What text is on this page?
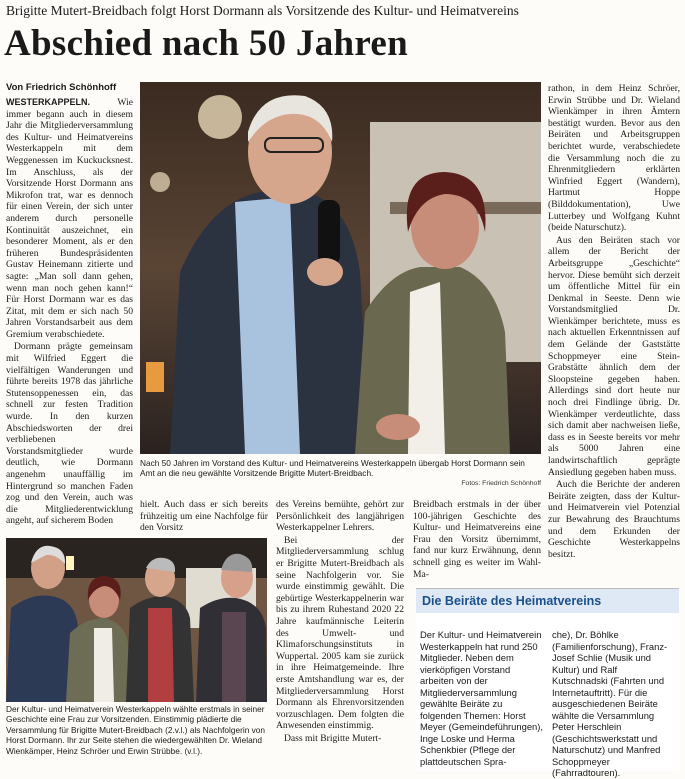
Brigitte Mutert-Breidbach folgt Horst Dormann als Vorsitzende des Kultur- und Heimatvereins
Abschied nach 50 Jahren
Von Friedrich Schönhoff

WESTERKAPPELN. Wie immer begann auch in diesem Jahr die Mitgliederversammlung des Kultur- und Heimatvereins Westerkappeln mit dem Weggenessen im Kuckucksnest. Im Anschluss, als der Vorsitzende Horst Dormann ans Mikrofon trat, war es dennoch für einen Verein, der sich unter anderem durch personelle Kontinuität auszeichnet, ein besonderer Moment, als er den früheren Bundespräsidenten Gustav Heinemann zitierte und sagte: „Man soll dann gehen, wenn man noch gehen kann!“ Für Horst Dormann war es das Zitat, mit dem er sich nach 50 Jahren Vorstandsarbeit aus dem Gremium verabschiedete.

Dormann prägte gemeinsam mit Wilfried Eggert die vielfältigen Wanderungen und führte bereits 1978 das jährliche Stutensoppenessen ein, das schnell zur festen Tradition wurde. In den kurzen Abschiedsworten der drei verbliebenen Vorstandsmitglieder wurde deutlich, wie Dormann angenehm unauffällig im Hintergrund so manchen Faden zog und den Verein, auch was die Mitgliederentwicklung angeht, auf sicherem Boden

Nach 50 Jahren im Vorstand des Kultur- und Heimatvereins Westerkappeln übergab Horst Dormann sein Amt an die neu gewählte Vorsitzende Brigitte Mutert-Breidbach.
Fotos: Friedrich Schönhoff

hielt. Auch dass er sich bereits frühzeitig um eine Nachfolge für den Vorsitz

Der Kultur- und Heimatverein Westerkappeln wählte erstmals in seiner Geschichte eine Frau zur Vorsitzenden. Einstimmig plädierte die Versammlung für Brigitte Mutert-Breidbach (2.v.l.) als Nachfolgerin von Horst Dormann. Ihr zur Seite stehen die wiedergewählten Dr. Wieland Wienkämper, Heinz Schröer und Erwin Strübbe. (v.l.).

des Vereins bemühte, gehört zur Persönlichkeit des langjährigen Westerkappelner Lehrers.

Bei der Mitgliederversammlung schlug er Brigitte Mutert-Breidbach als seine Nachfolgerin vor. Sie wurde einstimmig gewählt. Die gebürtige Westerkappelnerin war bis zu ihrem Ruhestand 2020 22 Jahre kaufmännische Leiterin des Umwelt- und Klimaforschungsinstituts in Wuppertal. 2005 kam sie zurück in ihre Heimatgemeinde. Ihre erste Amtshandlung war es, der Mitgliederversammlung Horst Dormann als Ehrenvorsitzenden vorzuschlagen. Dem folgten die Anwesenden einstimmig.

Dass mit Brigitte Mutert-

Breidbach erstmals in der über 100-jährigen Geschichte des Kultur- und Heimatvereins eine Frau den Vorsitz übernimmt, fand nur kurz Erwähnung, denn schnell ging es weiter im Wahl-Ma-

rathon, in dem Heinz Schröer, Erwin Strübbe und Dr. Wieland Wienkämper in ihren Ämtern bestätigt wurden. Bevor aus den Beiräten und Arbeitsgruppen berichtet wurde, verabschiedete die Versammlung noch die zu Ehrenmitgliedern erklärten Winfried Eggert (Wandern), Hartmut Hoppe (Bilddokumentation), Uwe Lutterbey und Wolfgang Kuhnt (beide Naturschutz).

Aus den Beiräten stach vor allem der Bericht der Arbeitsgruppe „Geschichte“ hervor. Diese bemüht sich derzeit um öffentliche Mittel für ein Denkmal in Seeste. Denn wie Vorstandsmitglied Dr. Wienkämper berichtete, muss es nach aktuellen Erkenntnissen auf dem Gelände der Gaststätte Schoppmeyer eine Stein-Grabstätte ähnlich dem der Sloopsteine gegeben haben. Allerdings sind dort heute nur noch drei Findlinge übrig. Dr. Wienkämper verdeutlichte, dass sich damit aber nachweisen ließe, dass es in Seeste bereits vor mehr als 5000 Jahren eine landwirtschaftlich geprägte Ansiedlung gegeben haben muss.

Auch die Berichte der anderen Beiräte zeigten, dass der Kultur- und Heimatverein viel Potenzial zur Bewahrung des Brauchtums und dem Erkunden der Geschichte Westerkappelns besitzt.

Die Beiräte des Heimatvereins
Der Kultur- und Heimatverein Westerkappeln hat rund 250 Mitglieder. Neben dem vierköpfigen Vorstand arbeiten von der Mitgliederversammlung gewählte Beiräte zu folgenden Themen: Horst Meyer (Gemeindeführungen), Inge Loske und Herma Schenkbier (Pflege der plattdeutschen Spra-
che), Dr. Böhlke (Familienforschung), Franz-Josef Schlie (Musik und Kultur) und Ralf Kutschnadski (Fahrten und Internetauftritt). Für die ausgeschiedenen Beiräte wählte die Versammlung Peter Herschlein (Geschichtswerkstatt und Naturschutz) und Manfred Schoppmeyer (Fahrradtouren).
